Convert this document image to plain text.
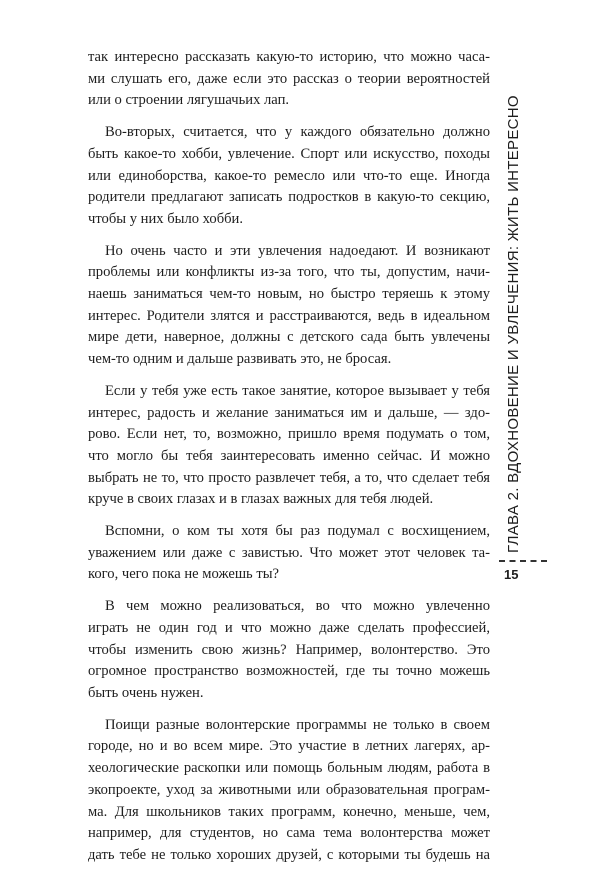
так интересно рассказать какую-то историю, что можно часа-
ми слушать его, даже если это рассказ о теории вероятностей
или о строении лягушачьих лап.

Во-вторых, считается, что у каждого обязательно должно
быть какое-то хобби, увлечение. Спорт или искусство, походы
или единоборства, какое-то ремесло или что-то еще. Иногда
родители предлагают записать подростков в какую-то секцию,
чтобы у них было хобби.

Но очень часто и эти увлечения надоедают. И возникают
проблемы или конфликты из-за того, что ты, допустим, начи-
наешь заниматься чем-то новым, но быстро теряешь к этому
интерес. Родители злятся и расстраиваются, ведь в идеальном
мире дети, наверное, должны с детского сада быть увлечены
чем-то одним и дальше развивать это, не бросая.

Если у тебя уже есть такое занятие, которое вызывает у тебя
интерес, радость и желание заниматься им и дальше, — здо-
рово. Если нет, то, возможно, пришло время подумать о том,
что могло бы тебя заинтересовать именно сейчас. И можно
выбрать не то, что просто развлечет тебя, а то, что сделает тебя
круче в своих глазах и в глазах важных для тебя людей.

Вспомни, о ком ты хотя бы раз подумал с восхищением,
уважением или даже с завистью. Что может этот человек та-
кого, чего пока не можешь ты?

В чем можно реализоваться, во что можно увлеченно
играть не один год и что можно даже сделать профессией,
чтобы изменить свою жизнь? Например, волонтерство. Это
огромное пространство возможностей, где ты точно можешь
быть очень нужен.

Поищи разные волонтерские программы не только в своем
городе, но и во всем мире. Это участие в летних лагерях, ар-
хеологические раскопки или помощь больным людям, работа в
экопроекте, уход за животными или образовательная програм-
ма. Для школьников таких программ, конечно, меньше, чем,
например, для студентов, но сама тема волонтерства может
дать тебе не только хороших друзей, с которыми ты будешь на

ГЛАВА 2. ВДОХНОВЕНИЕ И УВЛЕЧЕНИЯ: ЖИТЬ ИНТЕРЕСНО
15
